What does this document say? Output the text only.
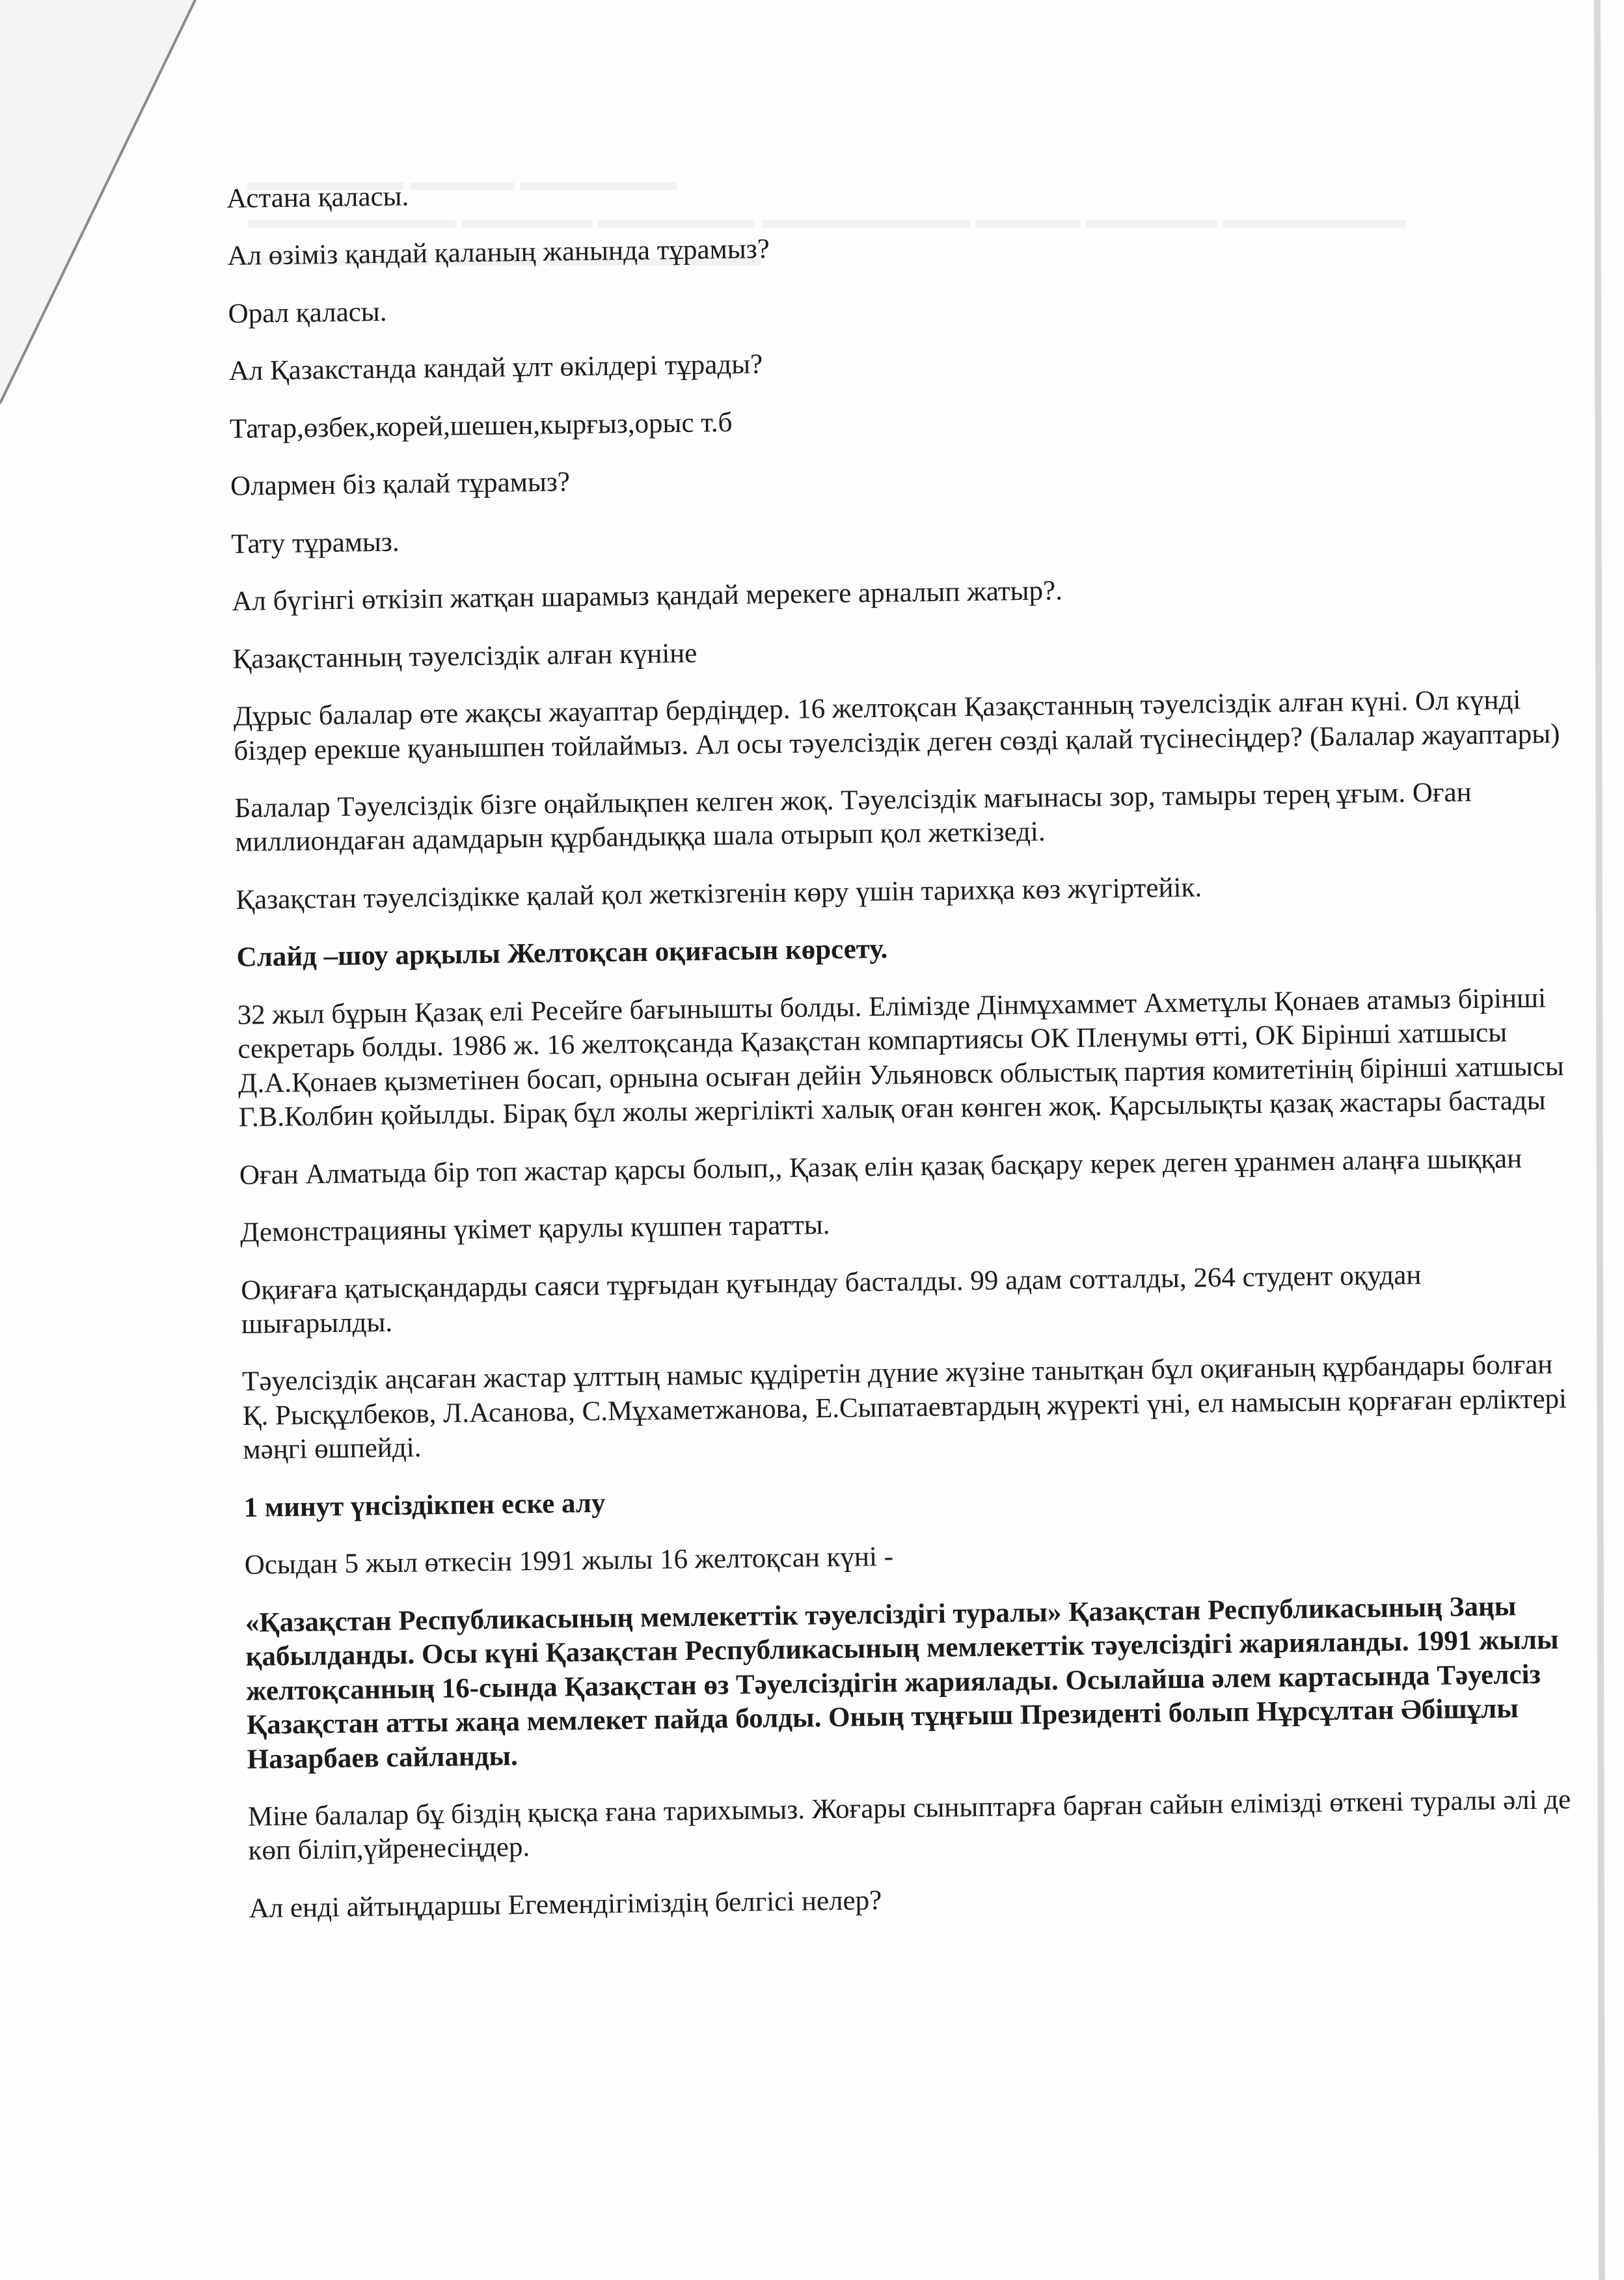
Астана қаласы.

Ал өзіміз қандай қаланың жанында тұрамыз?

Орал қаласы.

Ал Қазакстанда кандай ұлт өкілдері тұрады?

Татар,өзбек,корей,шешен,кырғыз,орыс т.б

Олармен біз қалай тұрамыз?

Тату тұрамыз.

Ал бүгінгі өткізіп жатқан шарамыз қандай мерекеге арналып жатыр?.

Қазақстанның тәуелсіздік алған күніне

Дұрыс балалар өте жақсы жауаптар бердіңдер. 16 желтоқсан Қазақстанның тәуелсіздік алған күні. Ол күнді біздер ерекше қуанышпен тойлаймыз. Ал осы тәуелсіздік деген сөзді қалай түсінесіңдер? (Балалар жауаптары)

Балалар Тәуелсіздік бізге оңайлықпен келген жоқ. Тәуелсіздік мағынасы зор, тамыры терең ұғым. Оған миллиондаған адамдарын құрбандыққа шала отырып қол жеткізеді.

Қазақстан тәуелсіздікке қалай қол жеткізгенін көру үшін тарихқа көз жүгіртейік.

Слайд –шоу арқылы Желтоқсан оқиғасын көрсету.

32 жыл бұрын Қазақ елі Ресейге бағынышты болды. Елімізде Дінмұхаммет Ахметұлы Қонаев атамыз бірінші секретарь болды. 1986 ж. 16 желтоқсанда Қазақстан компартиясы ОК Пленумы өтті, ОК Бірінші хатшысы Д.А.Қонаев қызметінен босап, орнына осыған дейін Ульяновск облыстық партия комитетінің бірінші хатшысы Г.В.Колбин қойылды. Бірақ бұл жолы жергілікті халық оған көнген жоқ. Қарсылықты қазақ жастары бастады

Оған Алматыда бір топ жастар қарсы болып,, Қазақ елін қазақ басқару керек деген ұранмен алаңға шыққан

Демонстрацияны үкімет қарулы күшпен таратты.

Оқиғаға қатысқандарды саяси тұрғыдан қуғындау басталды. 99 адам сотталды, 264 студент оқудан шығарылды.

Тәуелсіздік аңсаған жастар ұлттың намыс құдіретін дүние жүзіне танытқан бұл оқиғаның құрбандары болған Қ. Рысқұлбеков, Л.Асанова, С.Мұхаметжанова, Е.Сыпатаевтардың жүректі үні, ел намысын қорғаған ерліктері мәңгі өшпейді.

1 минут үнсіздікпен еске алу

Осыдан 5 жыл өткесін 1991 жылы 16 желтоқсан күні -

«Қазақстан Республикасының мемлекеттік тәуелсіздігі туралы» Қазақстан Республикасының Заңы қабылданды. Осы күні Қазақстан Республикасының мемлекеттік тәуелсіздігі жарияланды. 1991 жылы желтоқсанның 16-сында Қазақстан өз Тәуелсіздігін жариялады. Осылайша әлем картасында Тәуелсіз Қазақстан атты жаңа мемлекет пайда болды. Оның тұңғыш Президенті болып Нұрсұлтан Әбішұлы Назарбаев сайланды.

Міне балалар бұ біздің қысқа ғана тарихымыз. Жоғары сыныптарға барған сайын елімізді өткені туралы әлі де көп біліп,үйренесіңдер.

Ал енді айтыңдаршы Егемендігіміздің белгісі нелер?
